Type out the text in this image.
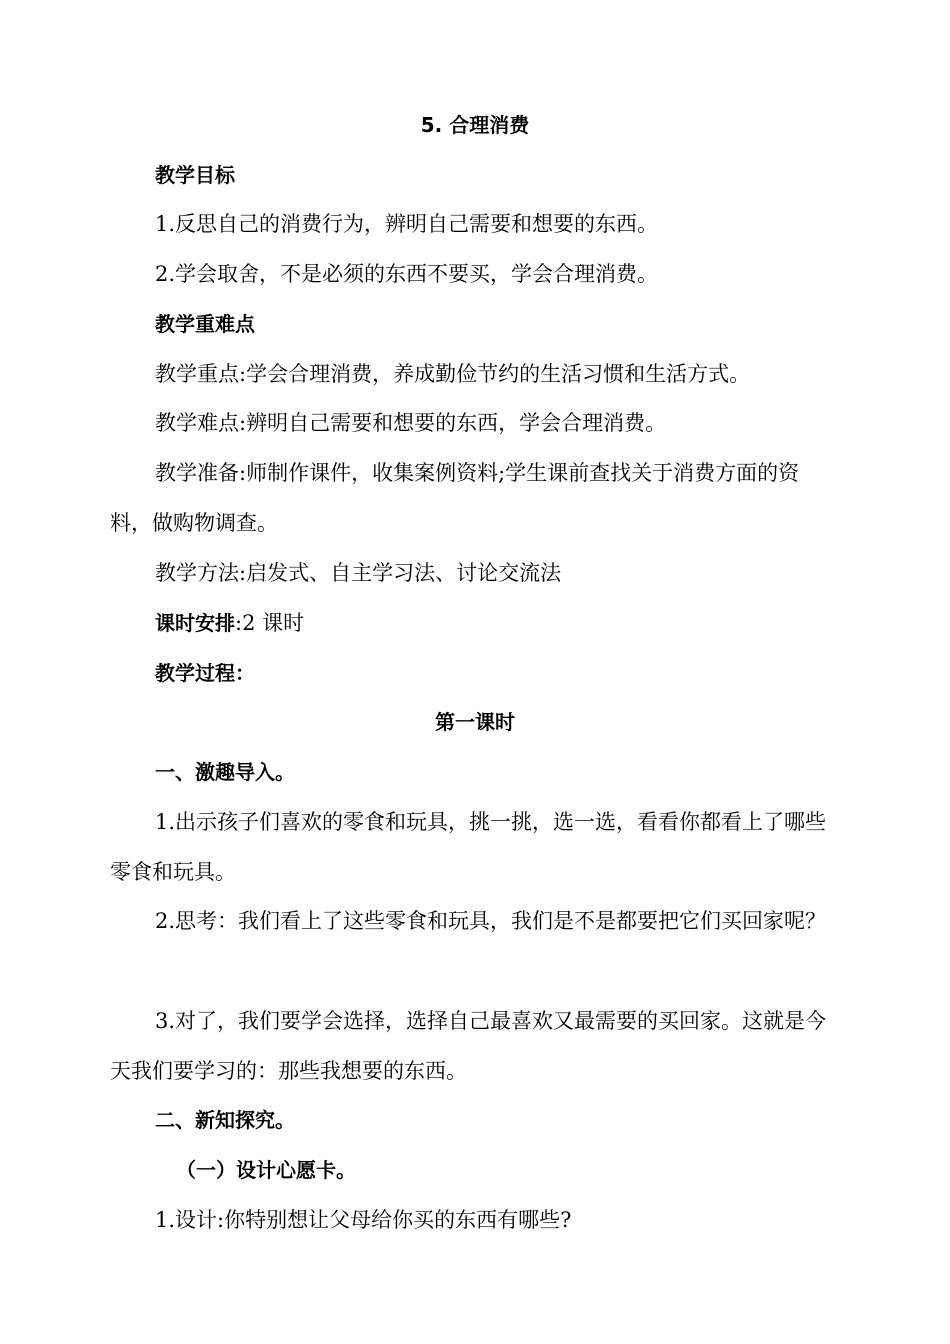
5. 合理消费

教学目标

1.反思自己的消费行为，辨明自己需要和想要的东西。

2.学会取舍，不是必须的东西不要买，学会合理消费。

教学重难点

教学重点:学会合理消费，养成勤俭节约的生活习惯和生活方式。

教学难点:辨明自己需要和想要的东西，学会合理消费。

教学准备:师制作课件，收集案例资料;学生课前查找关于消费方面的资料，做购物调查。

教学方法:启发式、自主学习法、讨论交流法

课时安排:2 课时

教学过程：

第一课时

一、激趣导入。

1.出示孩子们喜欢的零食和玩具，挑一挑，选一选，看看你都看上了哪些零食和玩具。

2.思考：我们看上了这些零食和玩具，我们是不是都要把它们买回家呢？

3.对了，我们要学会选择，选择自己最喜欢又最需要的买回家。这就是今天我们要学习的：那些我想要的东西。

二、新知探究。

（一）设计心愿卡。

1.设计:你特别想让父母给你买的东西有哪些?
